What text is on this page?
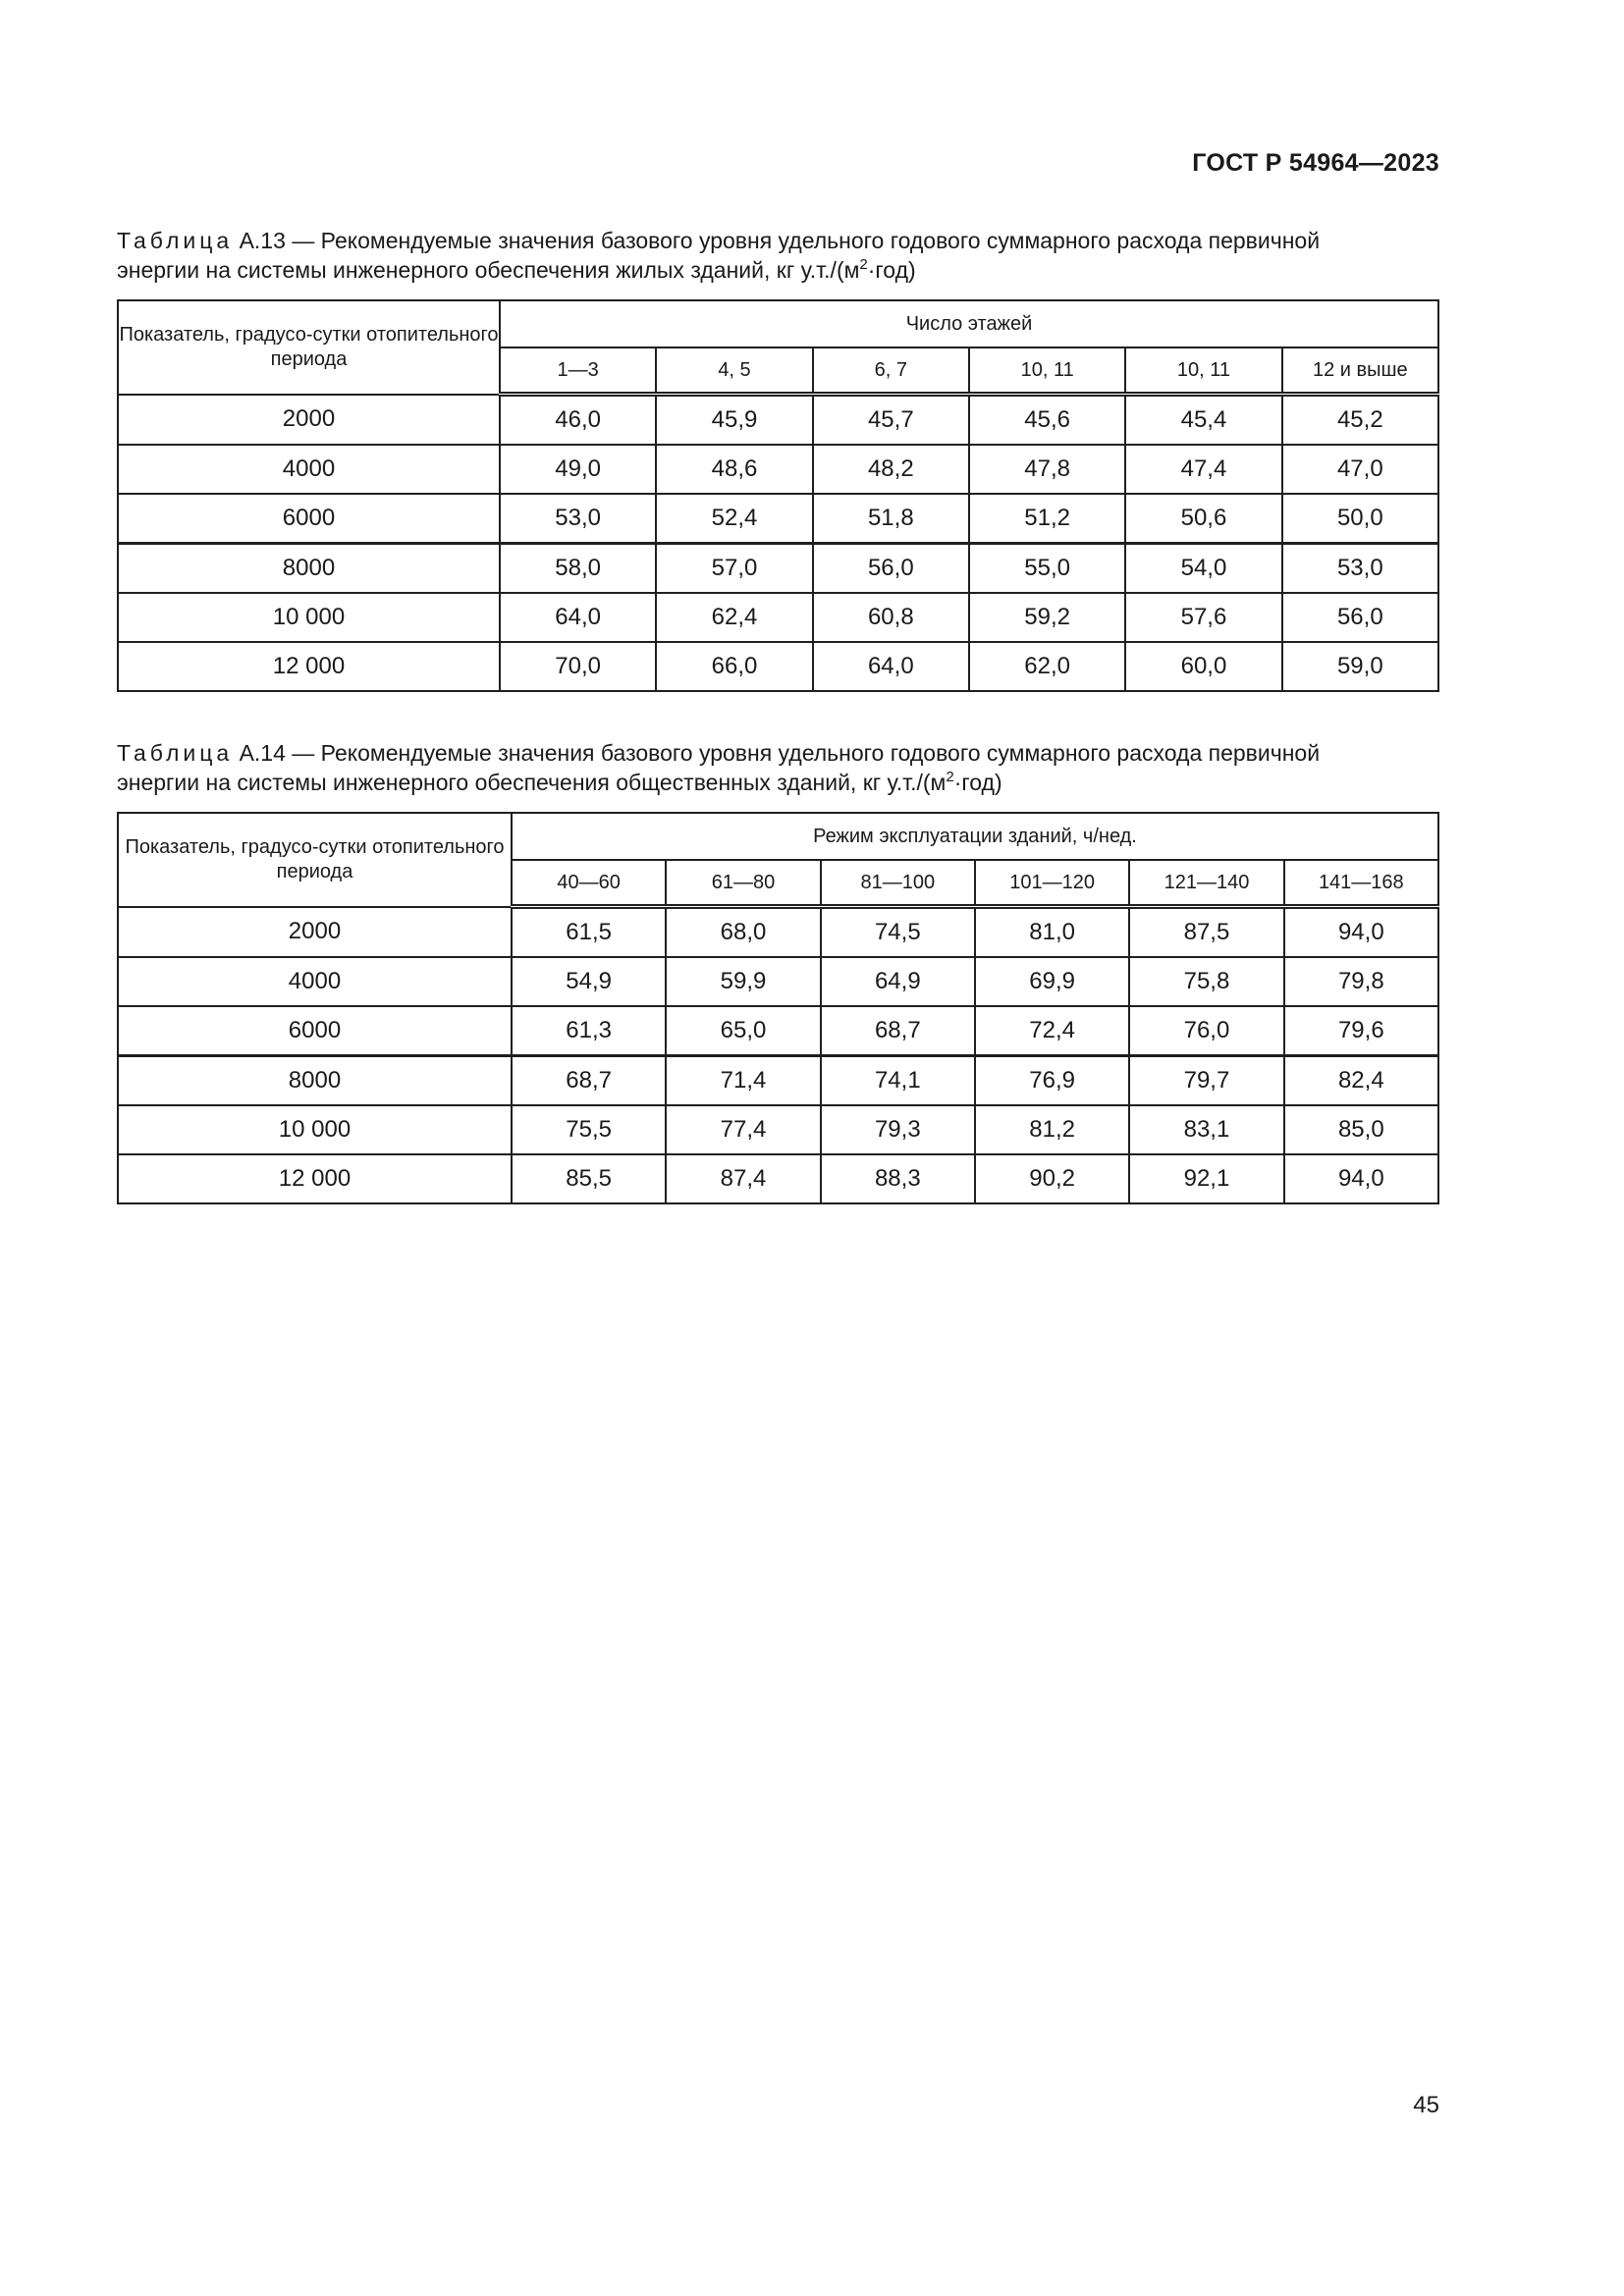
ГОСТ Р 54964—2023
Таблица А.13 — Рекомендуемые значения базового уровня удельного годового суммарного расхода первичной
энергии на системы инженерного обеспечения жилых зданий, кг $у.т./(м^2\cdot год)$
Показатель, градусо-сутки отопительного периода	Число этажей					
	1—3	4, 5	6, 7	10, 11	10, 11	12 и выше
2000	46,0	45,9	45,7	45,6	45,4	45,2
4000	49,0	48,6	48,2	47,8	47,4	47,0
6000	53,0	52,4	51,8	51,2	50,6	50,0
8000	58,0	57,0	56,0	55,0	54,0	53,0
10 000	64,0	62,4	60,8	59,2	57,6	56,0
12 000	70,0	66,0	64,0	62,0	60,0	59,0
Таблица А.14 — Рекомендуемые значения базового уровня удельного годового суммарного расхода первичной
энергии на системы инженерного обеспечения общественных зданий, кг $у.т./(м^2\cdot год)$
Показатель, градусо-сутки отопительного периода	Режим эксплуатации зданий, ч/нед.					
	40—60	61—80	81—100	101—120	121—140	141—168
2000	61,5	68,0	74,5	81,0	87,5	94,0
4000	54,9	59,9	64,9	69,9	75,8	79,8
6000	61,3	65,0	68,7	72,4	76,0	79,6
8000	68,7	71,4	74,1	76,9	79,7	82,4
10 000	75,5	77,4	79,3	81,2	83,1	85,0
12 000	85,5	87,4	88,3	90,2	92,1	94,0
45
